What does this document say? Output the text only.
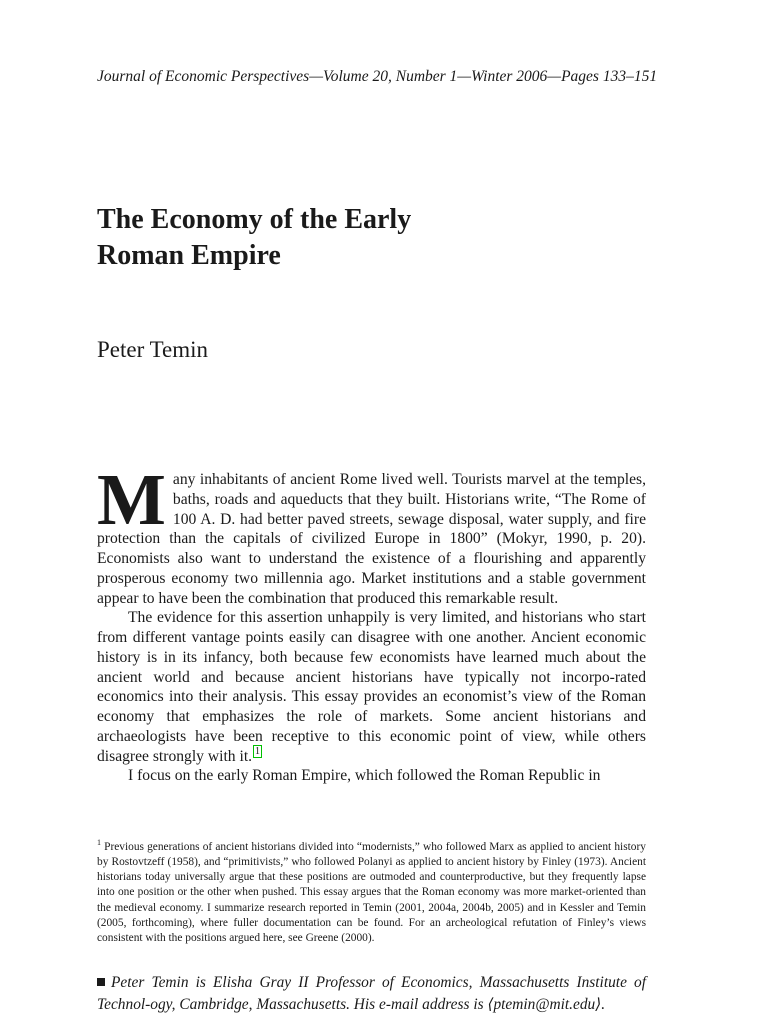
Journal of Economic Perspectives—Volume 20, Number 1—Winter 2006—Pages 133–151
The Economy of the Early
Roman Empire
Peter Temin

Many inhabitants of ancient Rome lived well. Tourists marvel at the temples, baths, roads and aqueducts that they built. Historians write, “The Rome of 100 A. D. had better paved streets, sewage disposal, water supply, and fire protection than the capitals of civilized Europe in 1800” (Mokyr, 1990, p. 20). Economists also want to understand the existence of a flourishing and apparently prosperous economy two millennia ago. Market institutions and a stable government appear to have been the combination that produced this remarkable result.

The evidence for this assertion unhappily is very limited, and historians who start from different vantage points easily can disagree with one another. Ancient economic history is in its infancy, both because few economists have learned much about the ancient world and because ancient historians have typically not incorpo-rated economics into their analysis. This essay provides an economist’s view of the Roman economy that emphasizes the role of markets. Some ancient historians and archaeologists have been receptive to this economic point of view, while others disagree strongly with it. $^1$

I focus on the early Roman Empire, which followed the Roman Republic in

$^1$ Previous generations of ancient historians divided into “modernists,” who followed Marx as applied to ancient history by Rostovtzeff (1958), and “primitivists,” who followed Polanyi as applied to ancient history by Finley (1973). Ancient historians today universally argue that these positions are outmoded and counterproductive, but they frequently lapse into one position or the other when pushed. This essay argues that the Roman economy was more market-oriented than the medieval economy. I summarize research reported in Temin (2001, 2004a, 2004b, 2005) and in Kessler and Temin (2005, forthcoming), where fuller documentation can be found. For an archeological refutation of Finley’s views consistent with the positions argued here, see Greene (2000).
Peter Temin is Elisha Gray II Professor of Economics, Massachusetts Institute of Technol-ogy, Cambridge, Massachusetts. His e-mail address is ⟨ptemin@mit.edu⟩.
